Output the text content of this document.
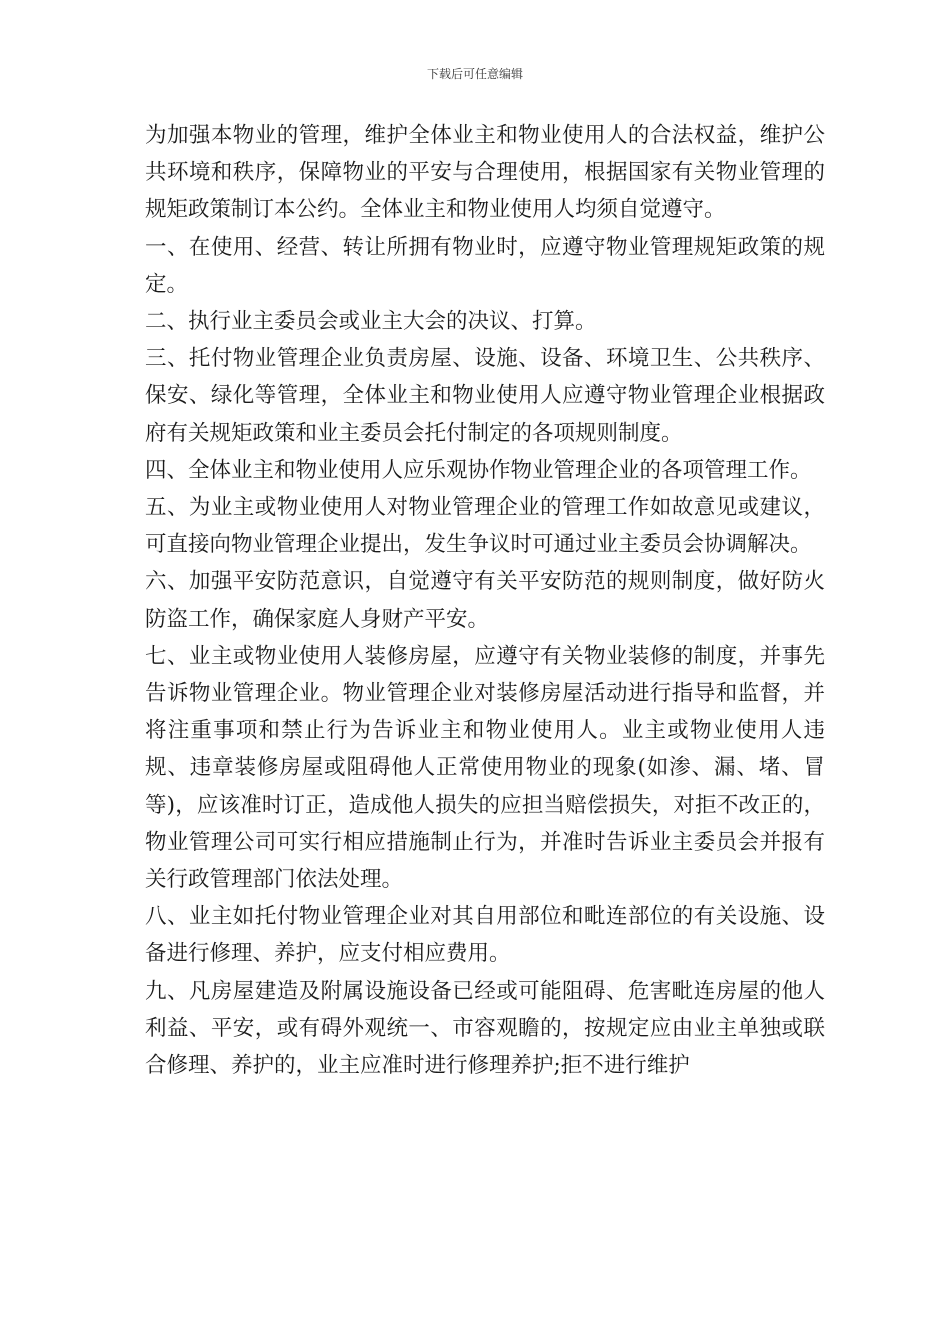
下载后可任意编辑

为加强本物业的管理，维护全体业主和物业使用人的合法权益，维护公共环境和秩序，保障物业的平安与合理使用，根据国家有关物业管理的规矩政策制订本公约。全体业主和物业使用人均须自觉遵守。

一、在使用、经营、转让所拥有物业时，应遵守物业管理规矩政策的规定。

二、执行业主委员会或业主大会的决议、打算。

三、托付物业管理企业负责房屋、设施、设备、环境卫生、公共秩序、保安、绿化等管理，全体业主和物业使用人应遵守物业管理企业根据政府有关规矩政策和业主委员会托付制定的各项规则制度。

四、全体业主和物业使用人应乐观协作物业管理企业的各项管理工作。

五、为业主或物业使用人对物业管理企业的管理工作如故意见或建议，可直接向物业管理企业提出，发生争议时可通过业主委员会协调解决。

六、加强平安防范意识，自觉遵守有关平安防范的规则制度，做好防火防盗工作，确保家庭人身财产平安。

七、业主或物业使用人装修房屋，应遵守有关物业装修的制度，并事先告诉物业管理企业。物业管理企业对装修房屋活动进行指导和监督，并将注重事项和禁止行为告诉业主和物业使用人。业主或物业使用人违规、违章装修房屋或阻碍他人正常使用物业的现象(如渗、漏、堵、冒等)，应该准时订正，造成他人损失的应担当赔偿损失，对拒不改正的，物业管理公司可实行相应措施制止行为，并准时告诉业主委员会并报有关行政管理部门依法处理。

八、业主如托付物业管理企业对其自用部位和毗连部位的有关设施、设备进行修理、养护，应支付相应费用。

九、凡房屋建造及附属设施设备已经或可能阻碍、危害毗连房屋的他人利益、平安，或有碍外观统一、市容观瞻的，按规定应由业主单独或联合修理、养护的，业主应准时进行修理养护;拒不进行维护
